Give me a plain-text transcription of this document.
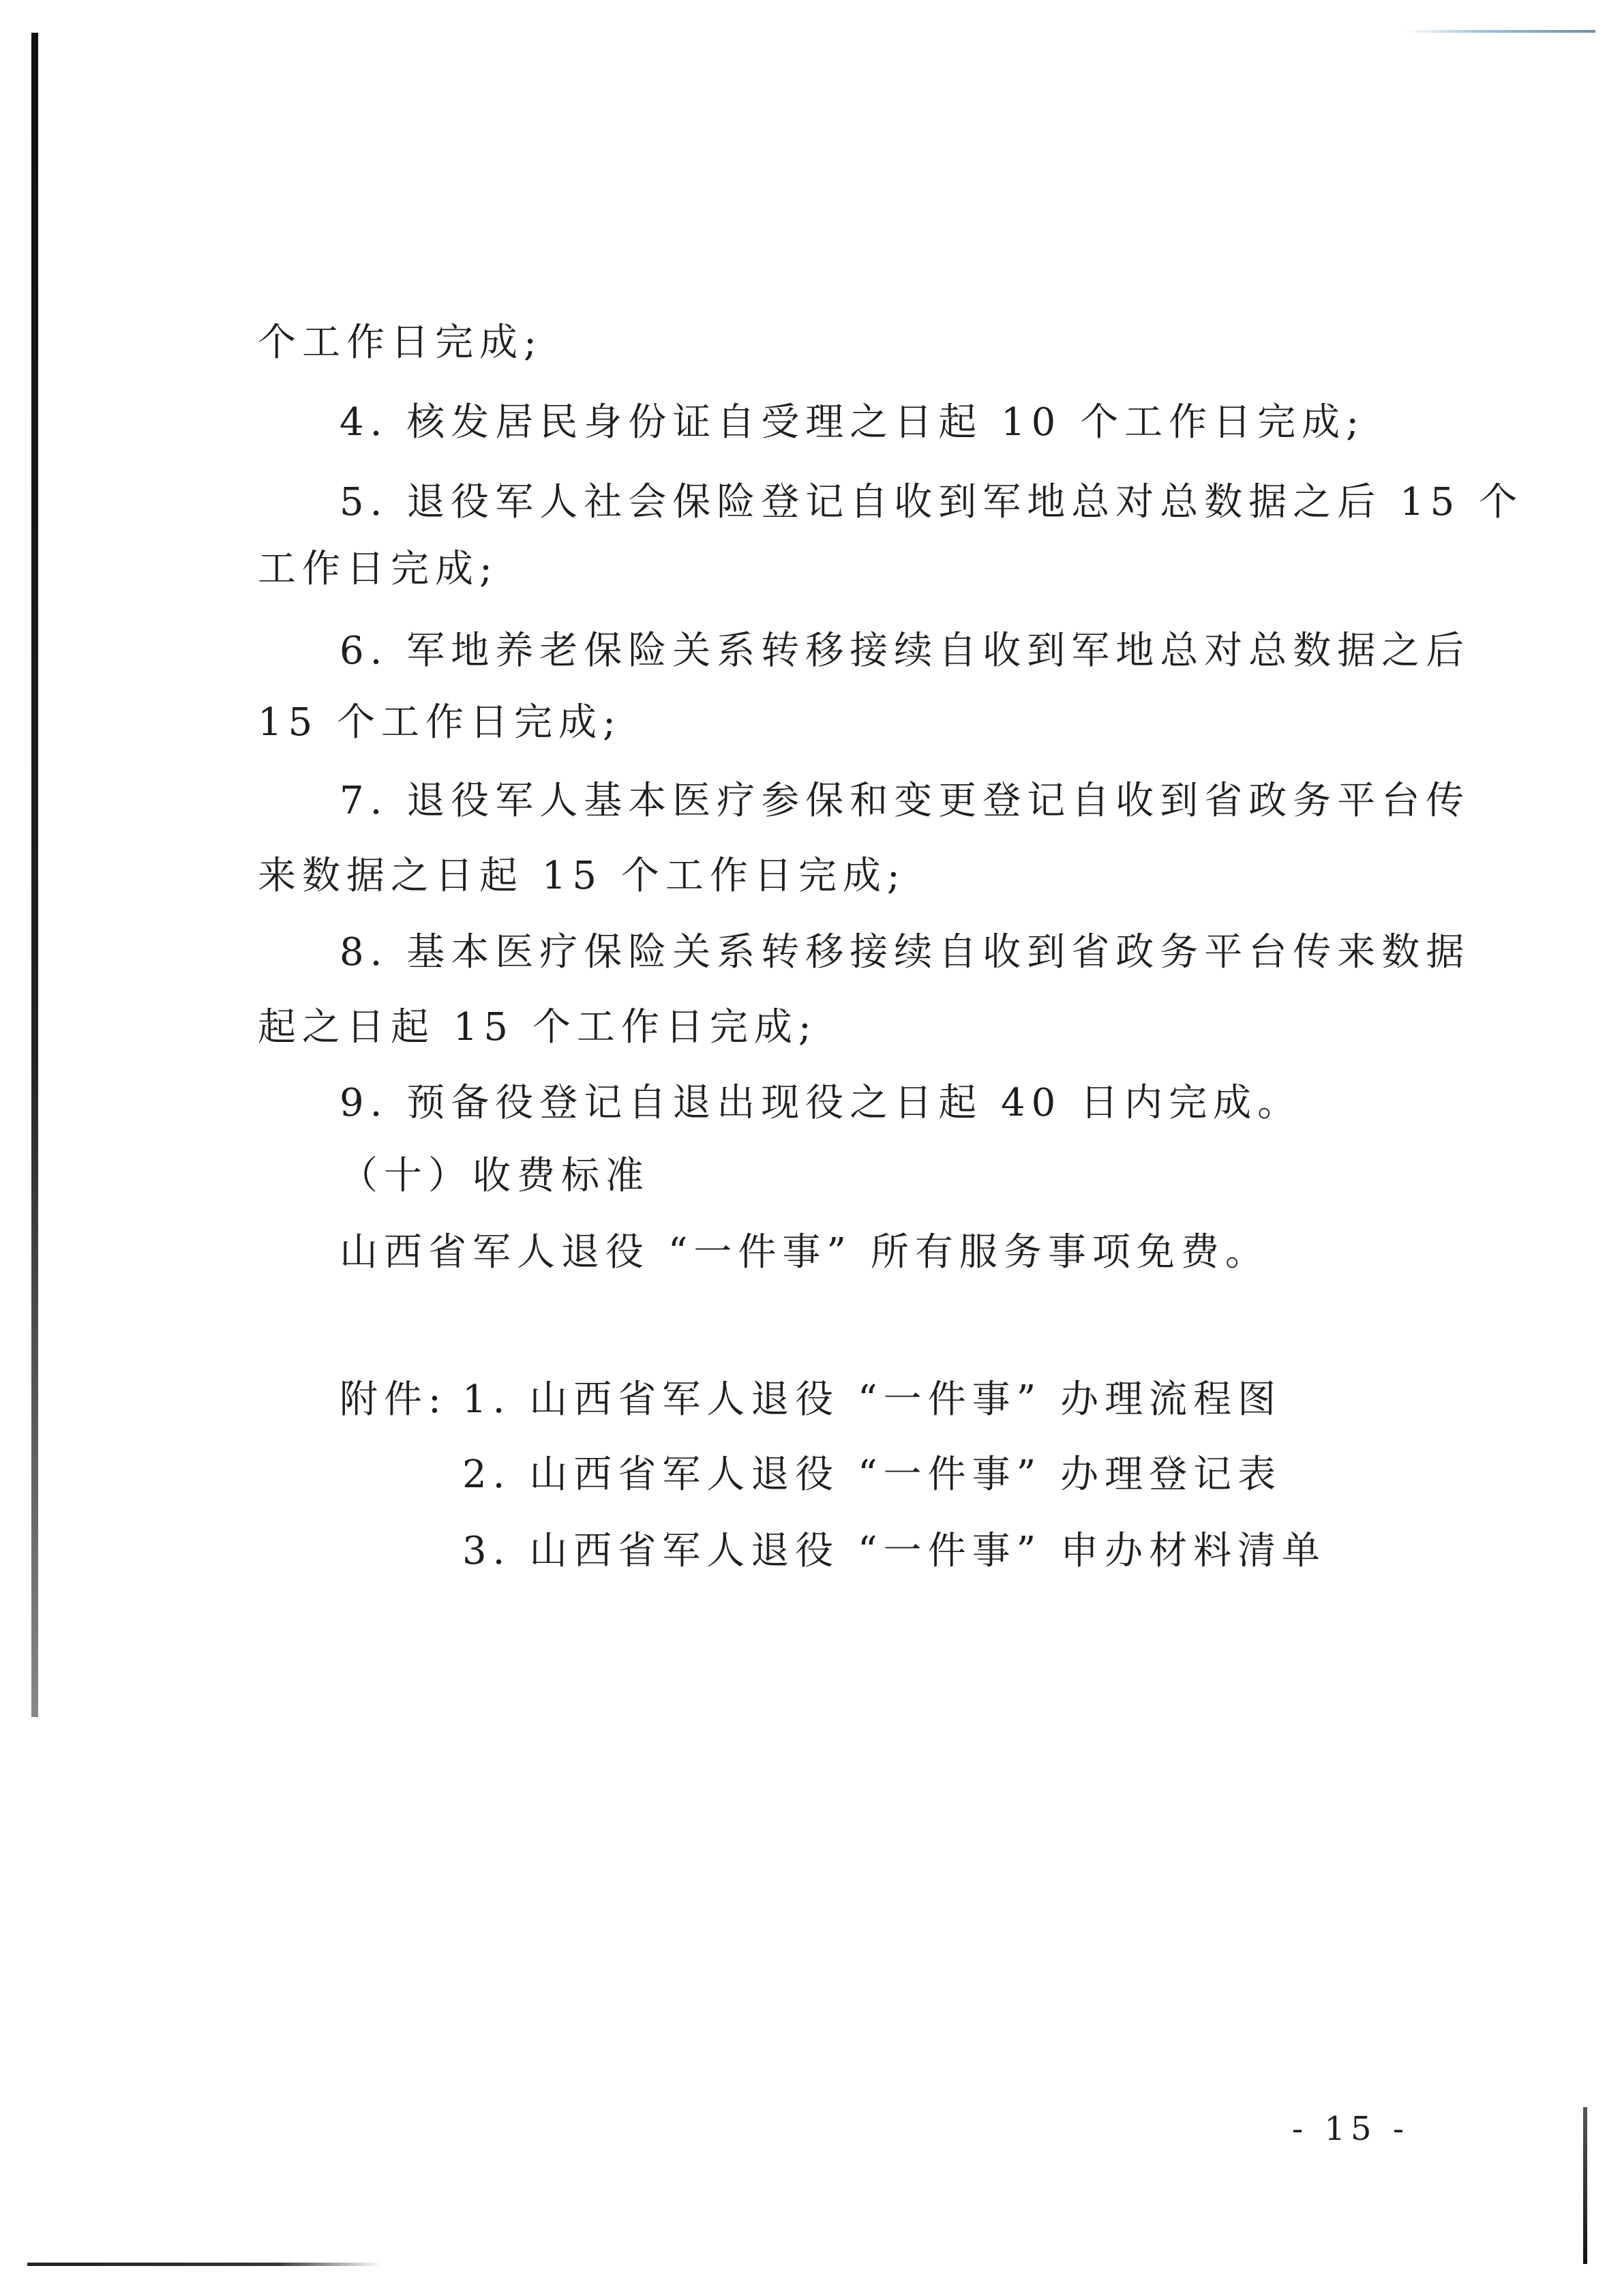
个工作日完成;
4. 核发居民身份证自受理之日起 10 个工作日完成;
5. 退役军人社会保险登记自收到军地总对总数据之后 15 个
工作日完成;
6. 军地养老保险关系转移接续自收到军地总对总数据之后
15 个工作日完成;
7. 退役军人基本医疗参保和变更登记自收到省政务平台传
来数据之日起 15 个工作日完成;
8. 基本医疗保险关系转移接续自收到省政务平台传来数据
起之日起 15 个工作日完成;
9. 预备役登记自退出现役之日起 40 日内完成。
（十）收费标准
山西省军人退役 “一件事” 所有服务事项免费。
附件: 1. 山西省军人退役 “一件事” 办理流程图
2. 山西省军人退役 “一件事” 办理登记表
3. 山西省军人退役 “一件事” 申办材料清单
- 15 -
